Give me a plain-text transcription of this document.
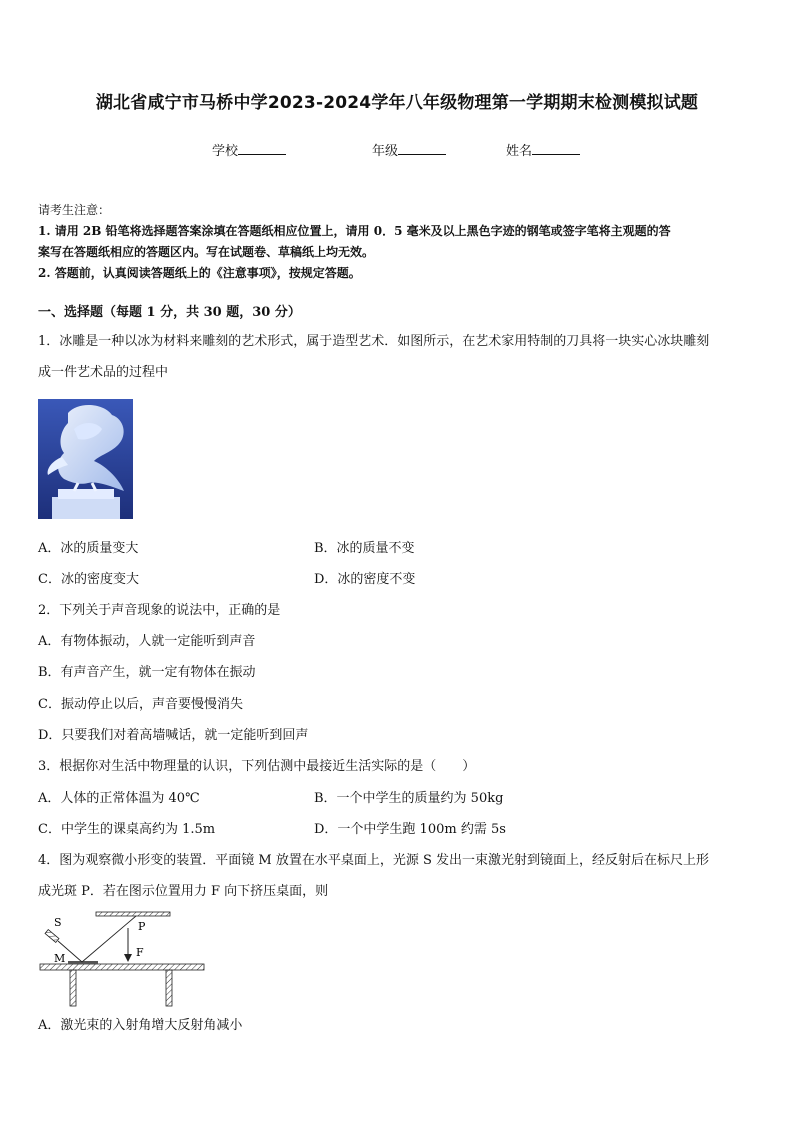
湖北省咸宁市马桥中学2023-2024学年八年级物理第一学期期末检测模拟试题
学校	年级	姓名
请考生注意：
1. 请用 2B 铅笔将选择题答案涂填在答题纸相应位置上，请用 0．5 毫米及以上黑色字迹的钢笔或签字笔将主观题的答
案写在答题纸相应的答题区内。写在试题卷、草稿纸上均无效。
2. 答题前，认真阅读答题纸上的《注意事项》，按规定答题。
一、选择题（每题 1 分，共 30 题，30 分）
1．冰雕是一种以冰为材料来雕刻的艺术形式，属于造型艺术．如图所示，在艺术家用特制的刀具将一块实心冰块雕刻
成一件艺术品的过程中
A．冰的质量变大	B．冰的质量不变
C．冰的密度变大	D．冰的密度不变
2．下列关于声音现象的说法中，正确的是
A．有物体振动，人就一定能听到声音
B．有声音产生，就一定有物体在振动
C．振动停止以后，声音要慢慢消失
D．只要我们对着高墙喊话，就一定能听到回声
3．根据你对生活中物理量的认识，下列估测中最接近生活实际的是（　　）
A．人体的正常体温为 40℃	B．一个中学生的质量约为 50kg
C．中学生的课桌高约为 1.5m	D．一个中学生跑 100m 约需 5s
4．图为观察微小形变的装置．平面镜 M 放置在水平桌面上，光源 S 发出一束激光射到镜面上，经反射后在标尺上形
成光斑 P．若在图示位置用力 F 向下挤压桌面，则
S	P
M	F
A．激光束的入射角增大反射角减小
